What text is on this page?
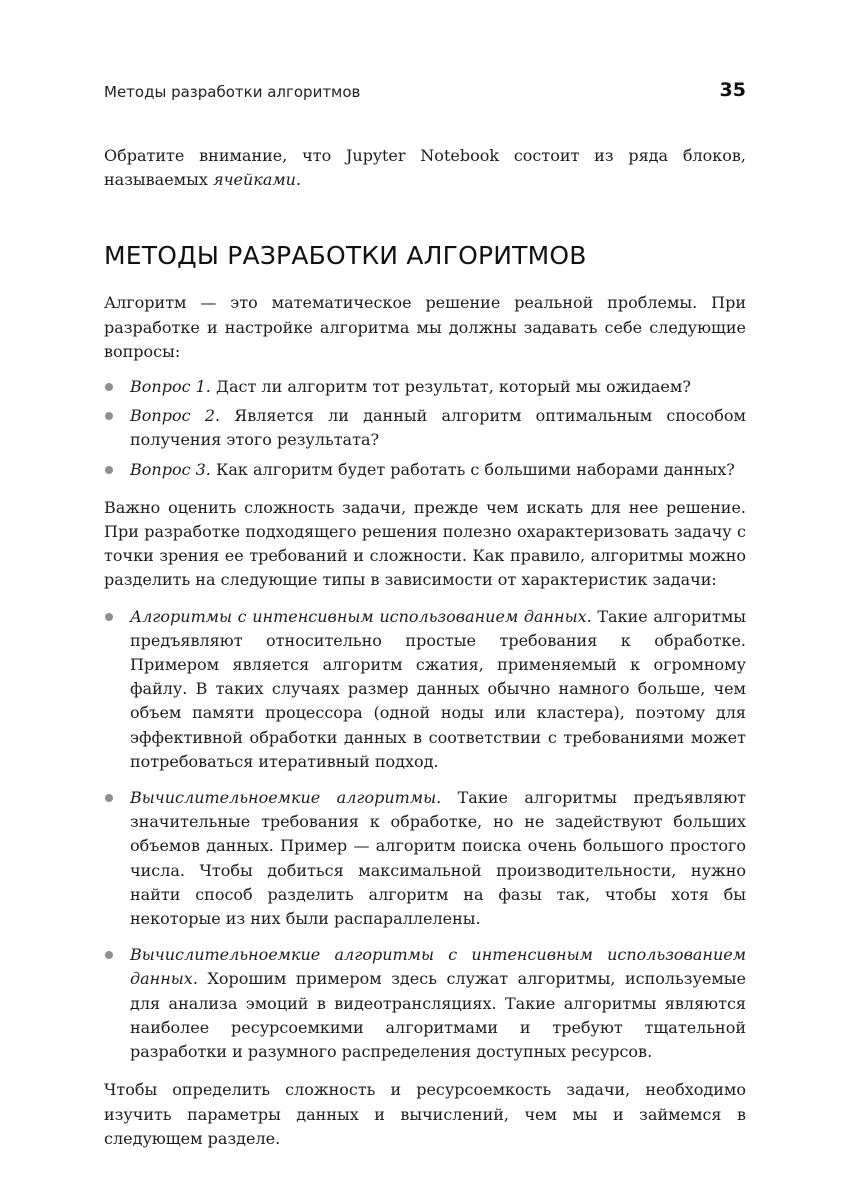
Методы разработки алгоритмов	35

Обратите внимание, что Jupyter Notebook состоит из ряда блоков, называемых ячейками.

МЕТОДЫ РАЗРАБОТКИ АЛГОРИТМОВ

Алгоритм — это математическое решение реальной проблемы. При разработке и настройке алгоритма мы должны задавать себе следующие вопросы:

Вопрос 1. Даст ли алгоритм тот результат, который мы ожидаем?
Вопрос 2. Является ли данный алгоритм оптимальным способом получения этого результата?
Вопрос 3. Как алгоритм будет работать с большими наборами данных?

Важно оценить сложность задачи, прежде чем искать для нее решение. При разработке подходящего решения полезно охарактеризовать задачу с точки зрения ее требований и сложности. Как правило, алгоритмы можно разделить на следующие типы в зависимости от характеристик задачи:

Алгоритмы с интенсивным использованием данных. Такие алгоритмы предъявляют относительно простые требования к обработке. Примером является алгоритм сжатия, применяемый к огромному файлу. В таких случаях размер данных обычно намного больше, чем объем памяти процессора (одной ноды или кластера), поэтому для эффективной обработки данных в соответствии с требованиями может потребоваться итеративный подход.
Вычислительноемкие алгоритмы. Такие алгоритмы предъявляют значительные требования к обработке, но не задействуют больших объемов данных. Пример — алгоритм поиска очень большого простого числа. Чтобы добиться максимальной производительности, нужно найти способ разделить алгоритм на фазы так, чтобы хотя бы некоторые из них были распараллелены.
Вычислительноемкие алгоритмы с интенсивным использованием данных. Хорошим примером здесь служат алгоритмы, используемые для анализа эмоций в видеотрансляциях. Такие алгоритмы являются наиболее ресурсоемкими алгоритмами и требуют тщательной разработки и разумного распределения доступных ресурсов.

Чтобы определить сложность и ресурсоемкость задачи, необходимо изучить параметры данных и вычислений, чем мы и займемся в следующем разделе.
